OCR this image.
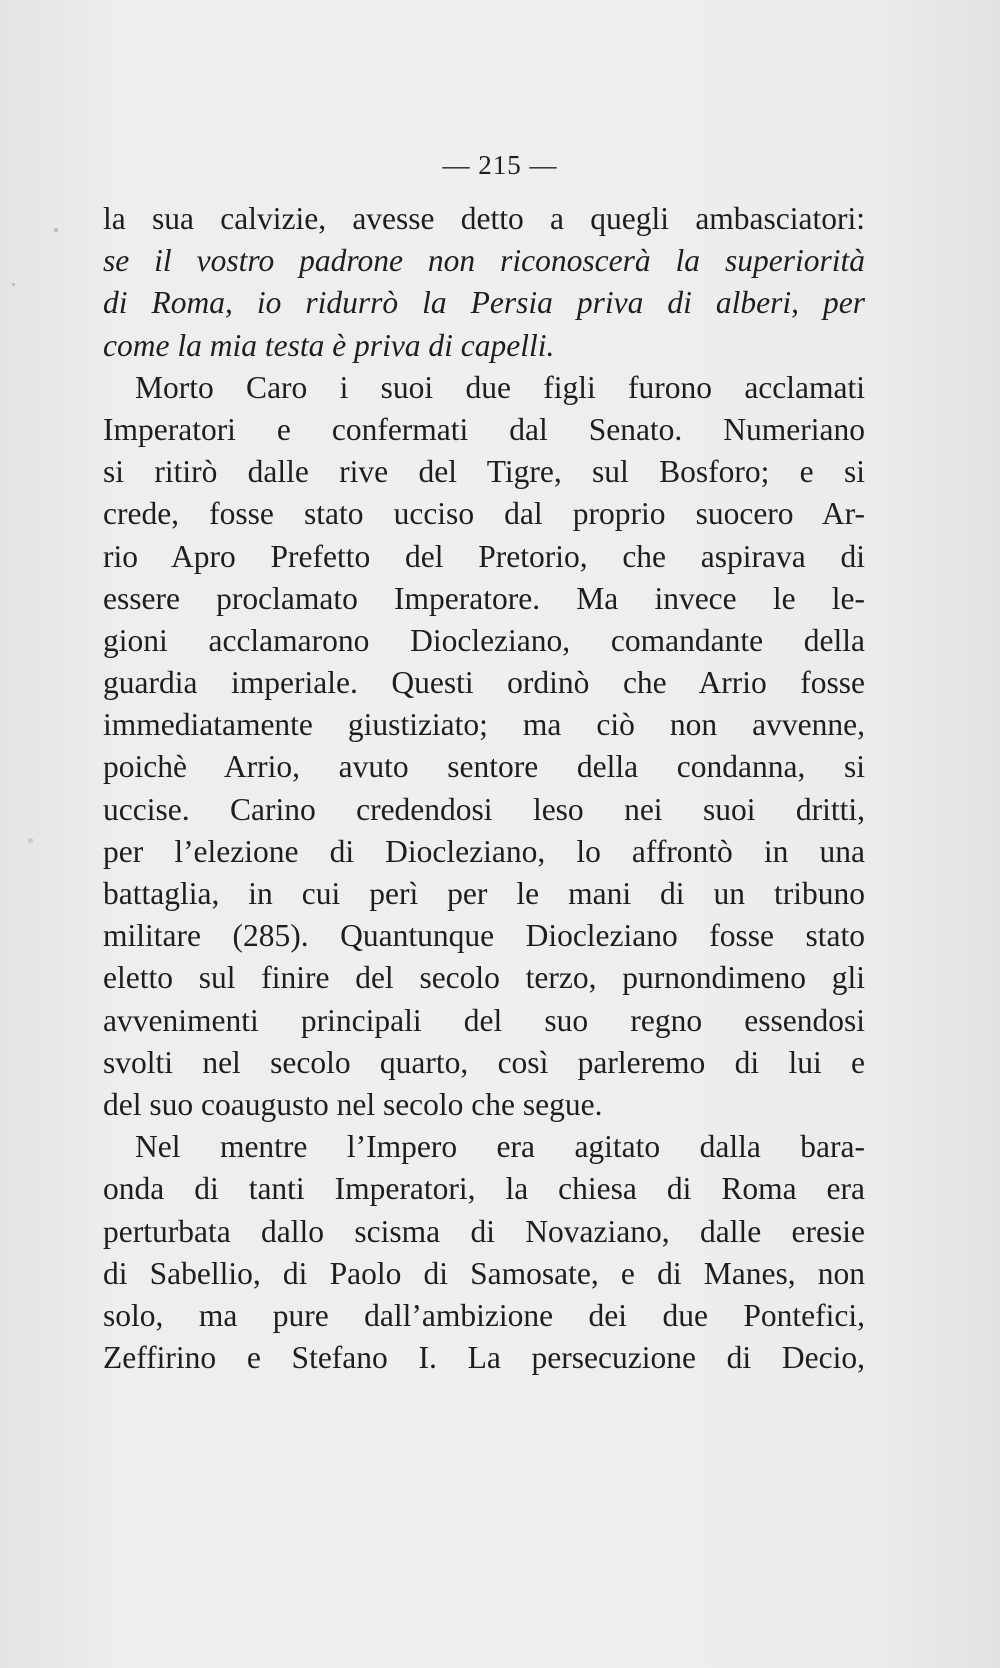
— 215 —
la sua calvizie, avesse detto a quegli ambasciatori:
se il vostro padrone non riconoscerà la superiorità
di Roma, io ridurrò la Persia priva di alberi, per
come la mia testa è priva di capelli.
Morto Caro i suoi due figli furono acclamati
Imperatori e confermati dal Senato. Numeriano
si ritirò dalle rive del Tigre, sul Bosforo; e si
crede, fosse stato ucciso dal proprio suocero Ar-
rio Apro Prefetto del Pretorio, che aspirava di
essere proclamato Imperatore. Ma invece le le-
gioni acclamarono Diocleziano, comandante della
guardia imperiale. Questi ordinò che Arrio fosse
immediatamente giustiziato; ma ciò non avvenne,
poichè Arrio, avuto sentore della condanna, si
uccise. Carino credendosi leso nei suoi dritti,
per l’elezione di Diocleziano, lo affrontò in una
battaglia, in cui perì per le mani di un tribuno
militare (285). Quantunque Diocleziano fosse stato
eletto sul finire del secolo terzo, purnondimeno gli
avvenimenti principali del suo regno essendosi
svolti nel secolo quarto, così parleremo di lui e
del suo coaugusto nel secolo che segue.
Nel mentre l’Impero era agitato dalla bara-
onda di tanti Imperatori, la chiesa di Roma era
perturbata dallo scisma di Novaziano, dalle eresie
di Sabellio, di Paolo di Samosate, e di Manes, non
solo, ma pure dall’ambizione dei due Pontefici,
Zeffirino e Stefano I. La persecuzione di Decio,
